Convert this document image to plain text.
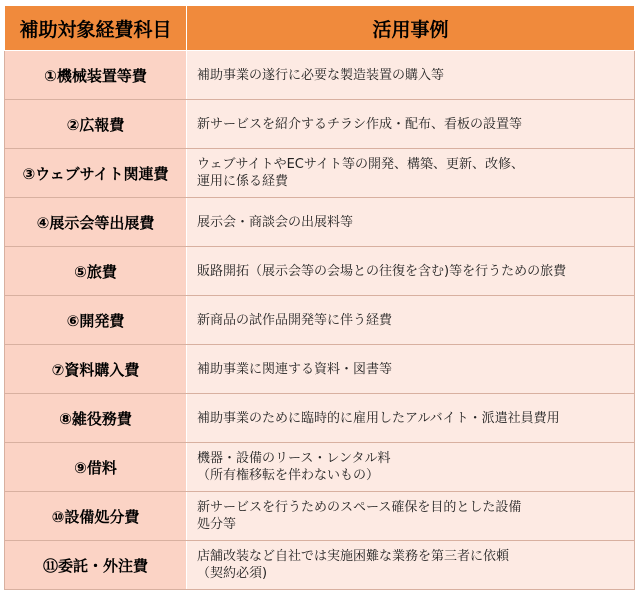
補助対象経費科目	活用事例
①機械装置等費	補助事業の遂行に必要な製造装置の購入等

②広報費	新サービスを紹介するチラシ作成・配布、看板の設置等

③ウェブサイト関連費	ウェブサイトやECサイト等の開発、構築、更新、改修、
運用に係る経費

④展示会等出展費	展示会・商談会の出展料等

⑤旅費	販路開拓（展示会等の会場との往復を含む)等を行うための旅費

⑥開発費	新商品の試作品開発等に伴う経費

⑦資料購入費	補助事業に関連する資料・図書等

⑧雑役務費	補助事業のために臨時的に雇用したアルバイト・派遣社員費用

⑨借料	機器・設備のリース・レンタル料
（所有権移転を伴わないもの）

⑩設備処分費	新サービスを行うためのスペース確保を目的とした設備
処分等

⑪委託・外注費	店舗改装など自社では実施困難な業務を第三者に依頼
（契約必須)
